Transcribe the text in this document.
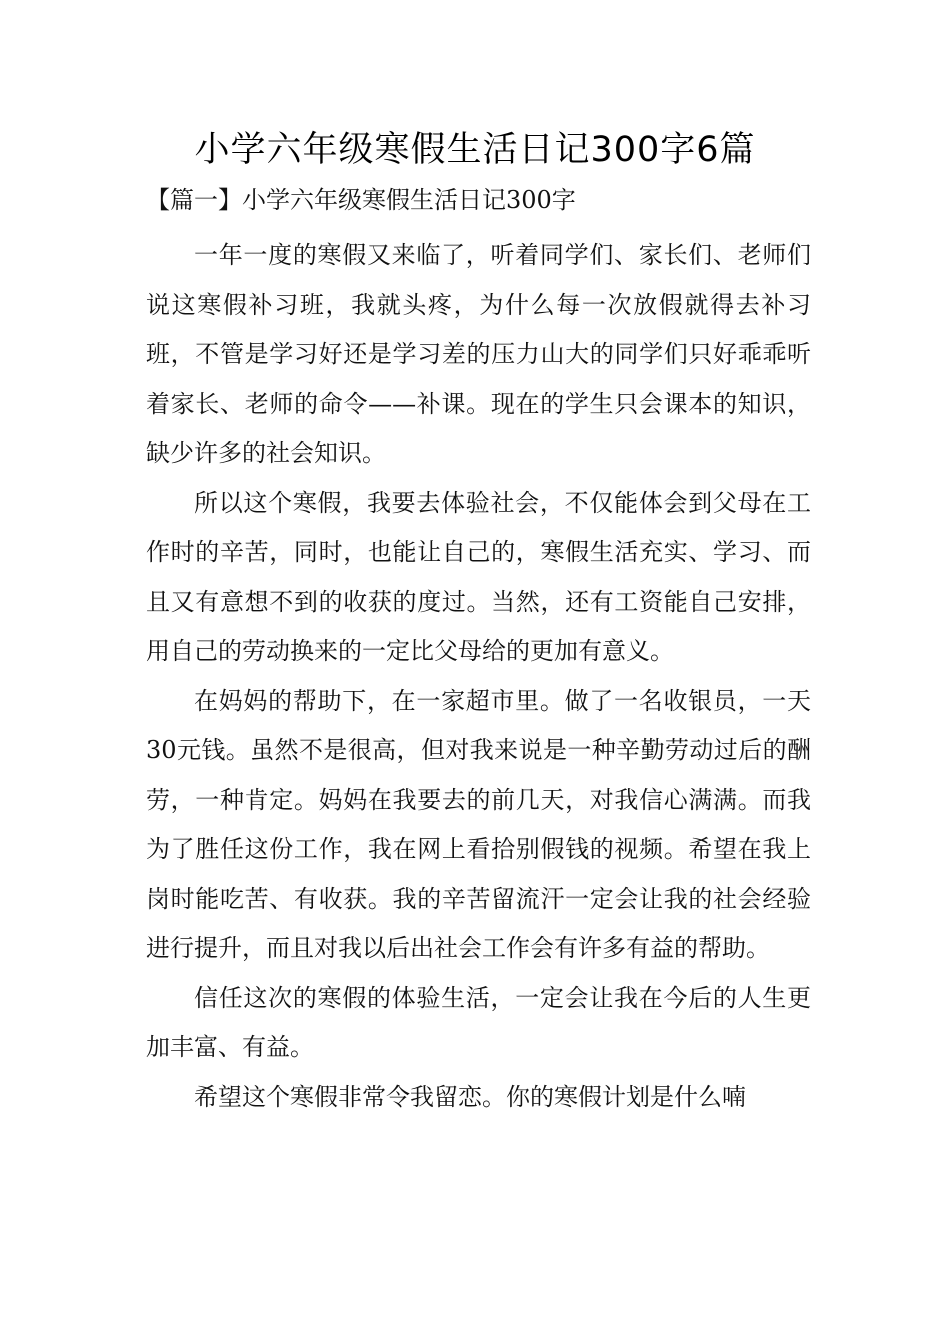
小学六年级寒假生活日记300字6篇
【篇一】小学六年级寒假生活日记300字

一年一度的寒假又来临了，听着同学们、家长们、老师们说这寒假补习班，我就头疼，为什么每一次放假就得去补习班，不管是学习好还是学习差的压力山大的同学们只好乖乖听着家长、老师的命令——补课。现在的学生只会课本的知识，缺少许多的社会知识。

所以这个寒假，我要去体验社会，不仅能体会到父母在工作时的辛苦，同时，也能让自己的，寒假生活充实、学习、而且又有意想不到的收获的度过。当然，还有工资能自己安排，用自己的劳动换来的一定比父母给的更加有意义。

在妈妈的帮助下，在一家超市里。做了一名收银员，一天30元钱。虽然不是很高，但对我来说是一种辛勤劳动过后的酬劳，一种肯定。妈妈在我要去的前几天，对我信心满满。而我为了胜任这份工作，我在网上看拾别假钱的视频。希望在我上岗时能吃苦、有收获。我的辛苦留流汗一定会让我的社会经验进行提升，而且对我以后出社会工作会有许多有益的帮助。

信任这次的寒假的体验生活，一定会让我在今后的人生更加丰富、有益。

希望这个寒假非常令我留恋。你的寒假计划是什么喃
